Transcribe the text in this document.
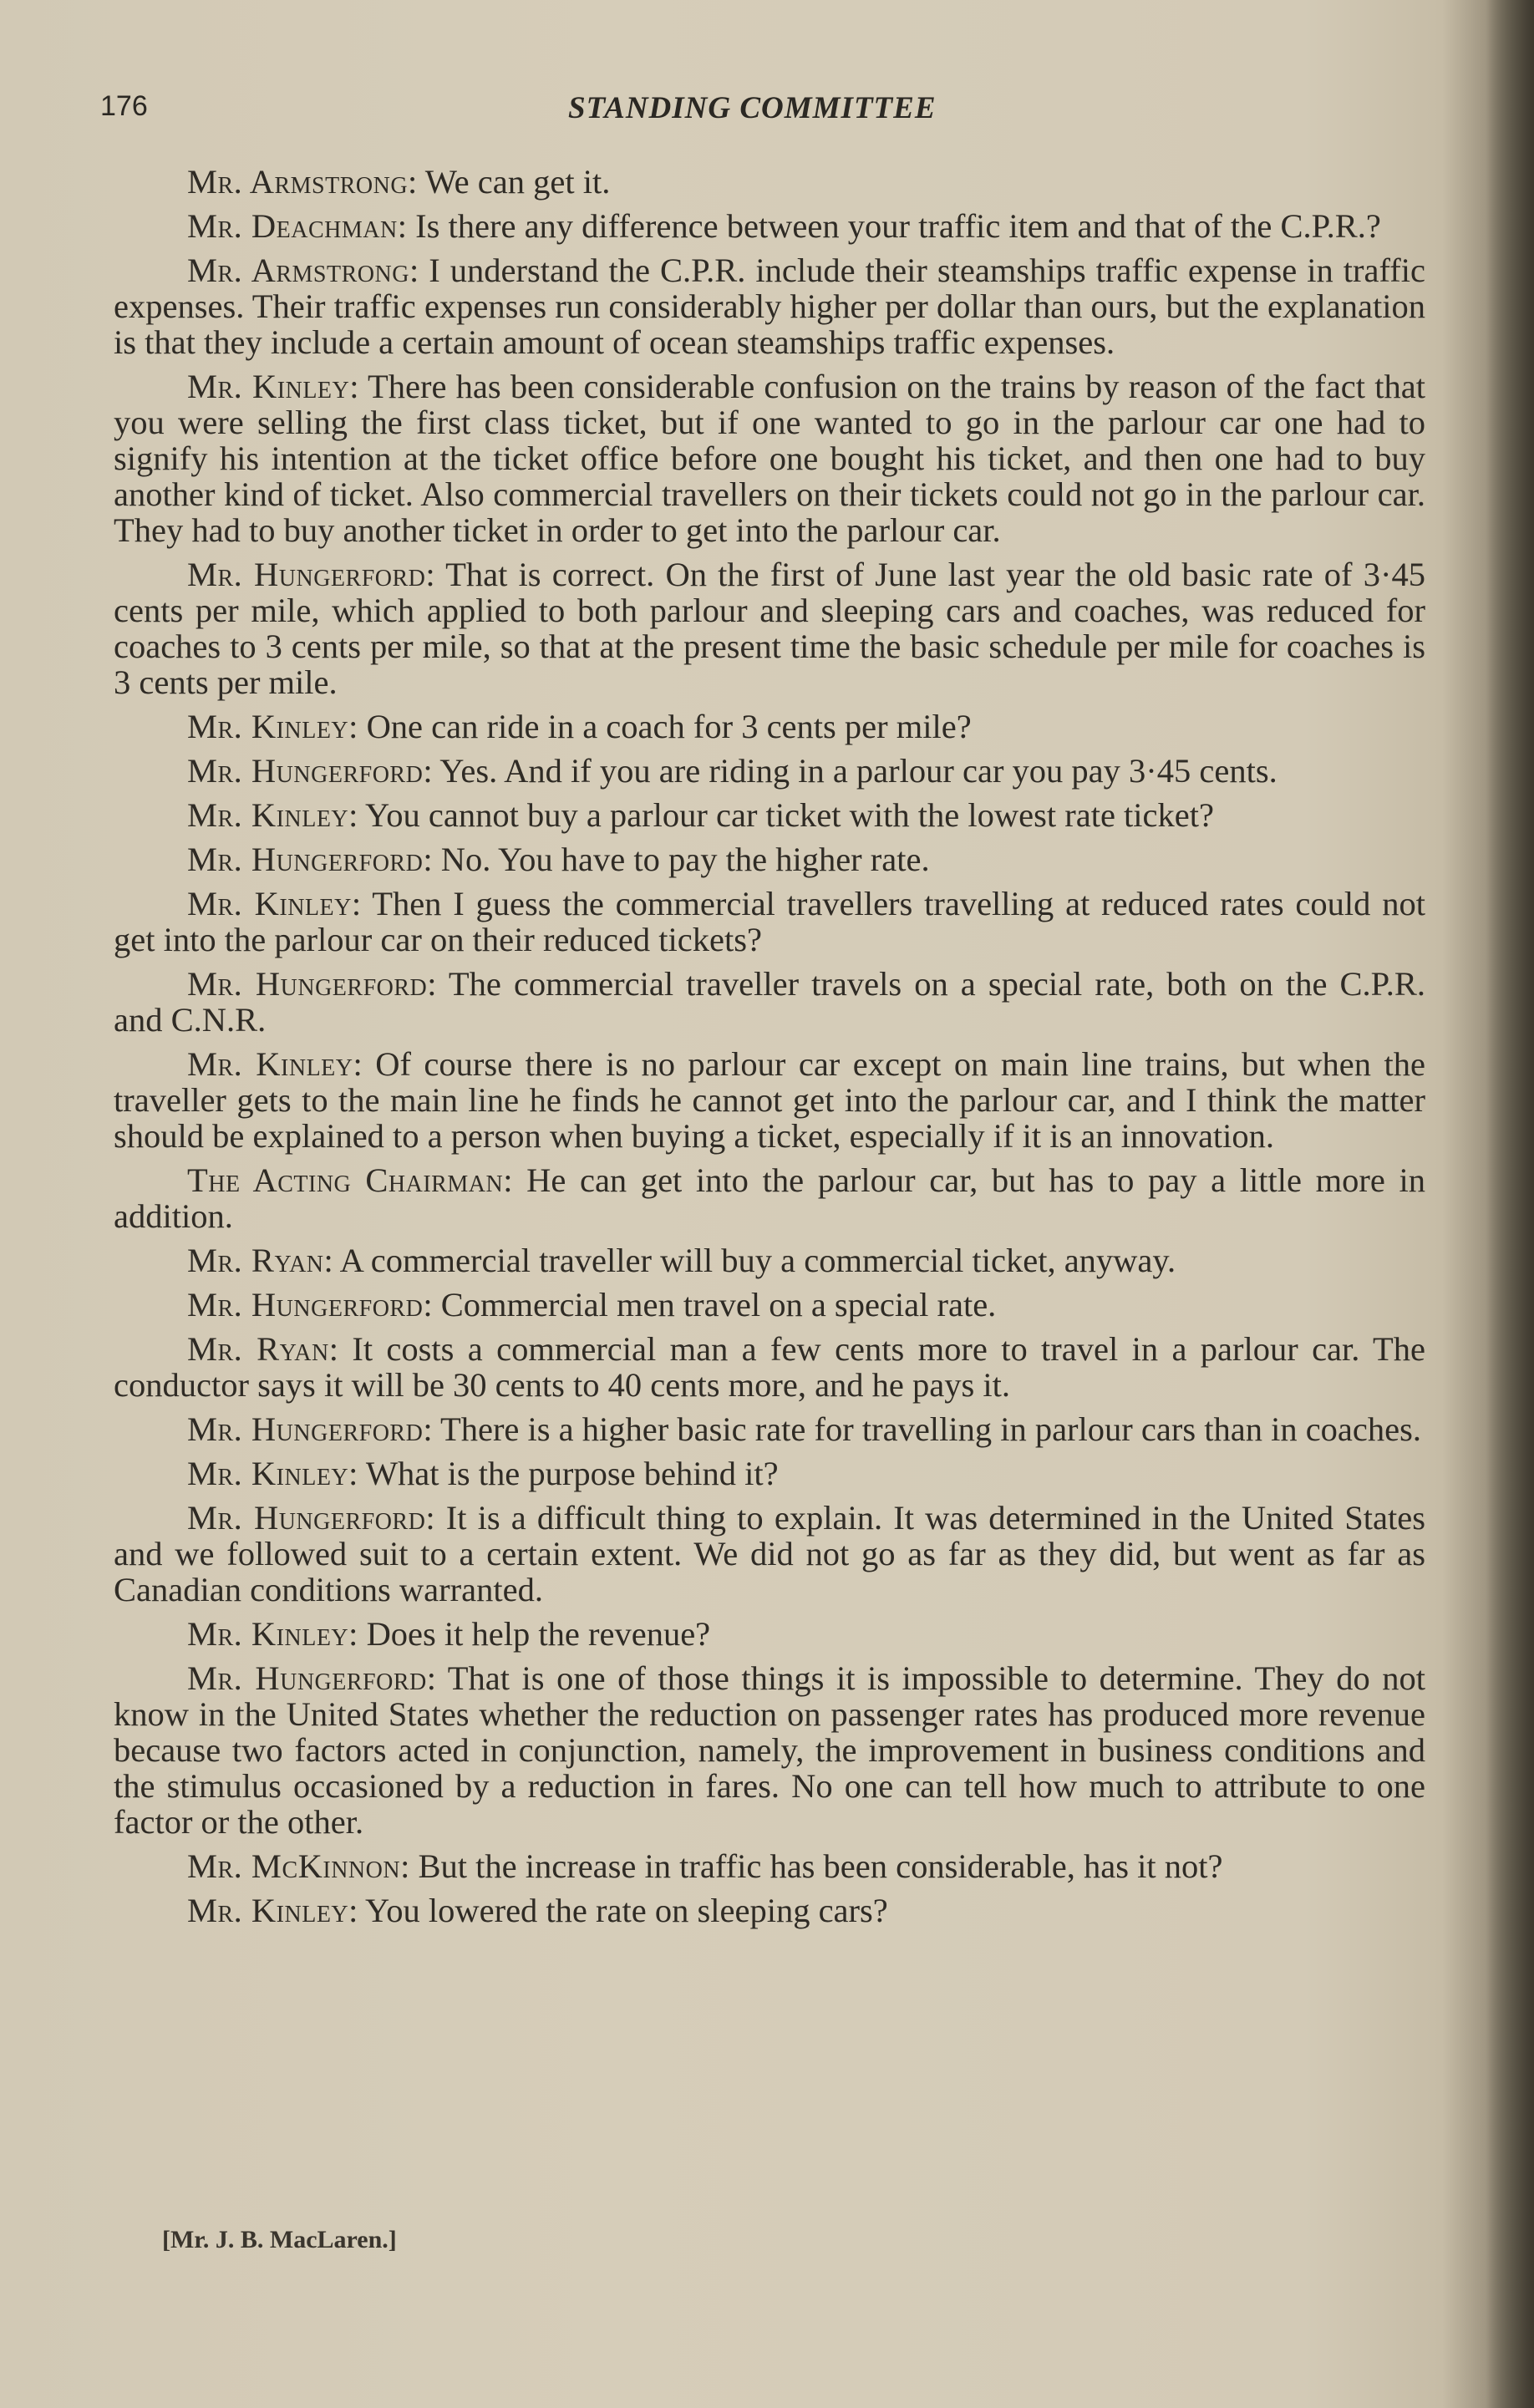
176	STANDING COMMITTEE

Mr. Armstrong: We can get it.

Mr. Deachman: Is there any difference between your traffic item and that of the C.P.R.?

Mr. Armstrong: I understand the C.P.R. include their steamships traffic expense in traffic expenses. Their traffic expenses run considerably higher per dollar than ours, but the explanation is that they include a certain amount of ocean steamships traffic expenses.

Mr. Kinley: There has been considerable confusion on the trains by reason of the fact that you were selling the first class ticket, but if one wanted to go in the parlour car one had to signify his intention at the ticket office before one bought his ticket, and then one had to buy another kind of ticket. Also commercial travellers on their tickets could not go in the parlour car. They had to buy another ticket in order to get into the parlour car.

Mr. Hungerford: That is correct. On the first of June last year the old basic rate of 3·45 cents per mile, which applied to both parlour and sleeping cars and coaches, was reduced for coaches to 3 cents per mile, so that at the present time the basic schedule per mile for coaches is 3 cents per mile.

Mr. Kinley: One can ride in a coach for 3 cents per mile?

Mr. Hungerford: Yes. And if you are riding in a parlour car you pay 3·45 cents.

Mr. Kinley: You cannot buy a parlour car ticket with the lowest rate ticket?

Mr. Hungerford: No. You have to pay the higher rate.

Mr. Kinley: Then I guess the commercial travellers travelling at reduced rates could not get into the parlour car on their reduced tickets?

Mr. Hungerford: The commercial traveller travels on a special rate, both on the C.P.R. and C.N.R.

Mr. Kinley: Of course there is no parlour car except on main line trains, but when the traveller gets to the main line he finds he cannot get into the parlour car, and I think the matter should be explained to a person when buying a ticket, especially if it is an innovation.

The Acting Chairman: He can get into the parlour car, but has to pay a little more in addition.

Mr. Ryan: A commercial traveller will buy a commercial ticket, anyway.

Mr. Hungerford: Commercial men travel on a special rate.

Mr. Ryan: It costs a commercial man a few cents more to travel in a parlour car. The conductor says it will be 30 cents to 40 cents more, and he pays it.

Mr. Hungerford: There is a higher basic rate for travelling in parlour cars than in coaches.

Mr. Kinley: What is the purpose behind it?

Mr. Hungerford: It is a difficult thing to explain. It was determined in the United States and we followed suit to a certain extent. We did not go as far as they did, but went as far as Canadian conditions warranted.

Mr. Kinley: Does it help the revenue?

Mr. Hungerford: That is one of those things it is impossible to determine. They do not know in the United States whether the reduction on passenger rates has produced more revenue because two factors acted in conjunction, namely, the improvement in business conditions and the stimulus occasioned by a reduction in fares. No one can tell how much to attribute to one factor or the other.

Mr. McKinnon: But the increase in traffic has been considerable, has it not?

Mr. Kinley: You lowered the rate on sleeping cars?

[Mr. J. B. MacLaren.]
